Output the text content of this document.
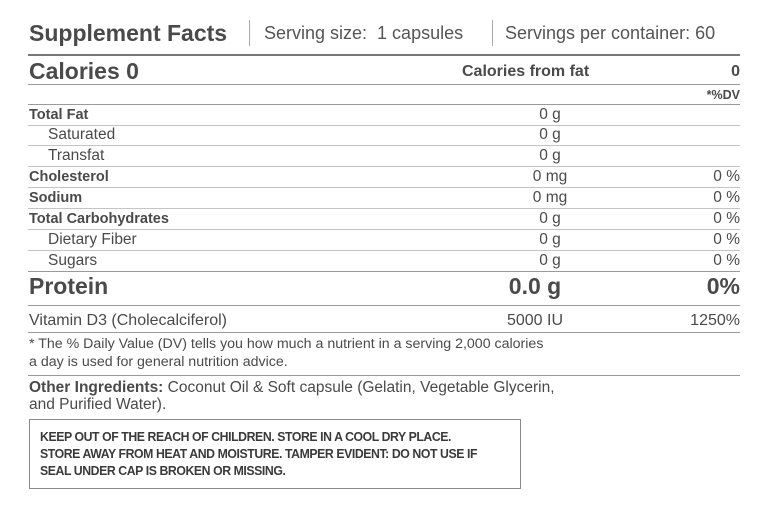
Supplement Facts Serving size:  1 capsules Servings per container: 60
Calories 0	Calories from fat	0
*%DV
Total Fat	0 g
Saturated	0 g
Transfat	0 g
Cholesterol	0 mg	0 %
Sodium	0 mg	0 %
Total Carbohydrates	0 g	0 %
Dietary Fiber	0 g	0 %
Sugars	0 g	0 %
Protein	0.0 g	0%
Vitamin D3 (Cholecalciferol)	5000 IU	1250%
* The % Daily Value (DV) tells you how much a nutrient in a serving 2,000 calories
a day is used for general nutrition advice.
Other Ingredients: Coconut Oil & Soft capsule (Gelatin, Vegetable Glycerin,
and Purified Water).
KEEP OUT OF THE REACH OF CHILDREN. STORE IN A COOL DRY PLACE.
STORE AWAY FROM HEAT AND MOISTURE. TAMPER EVIDENT: DO NOT USE IF
SEAL UNDER CAP IS BROKEN OR MISSING.
